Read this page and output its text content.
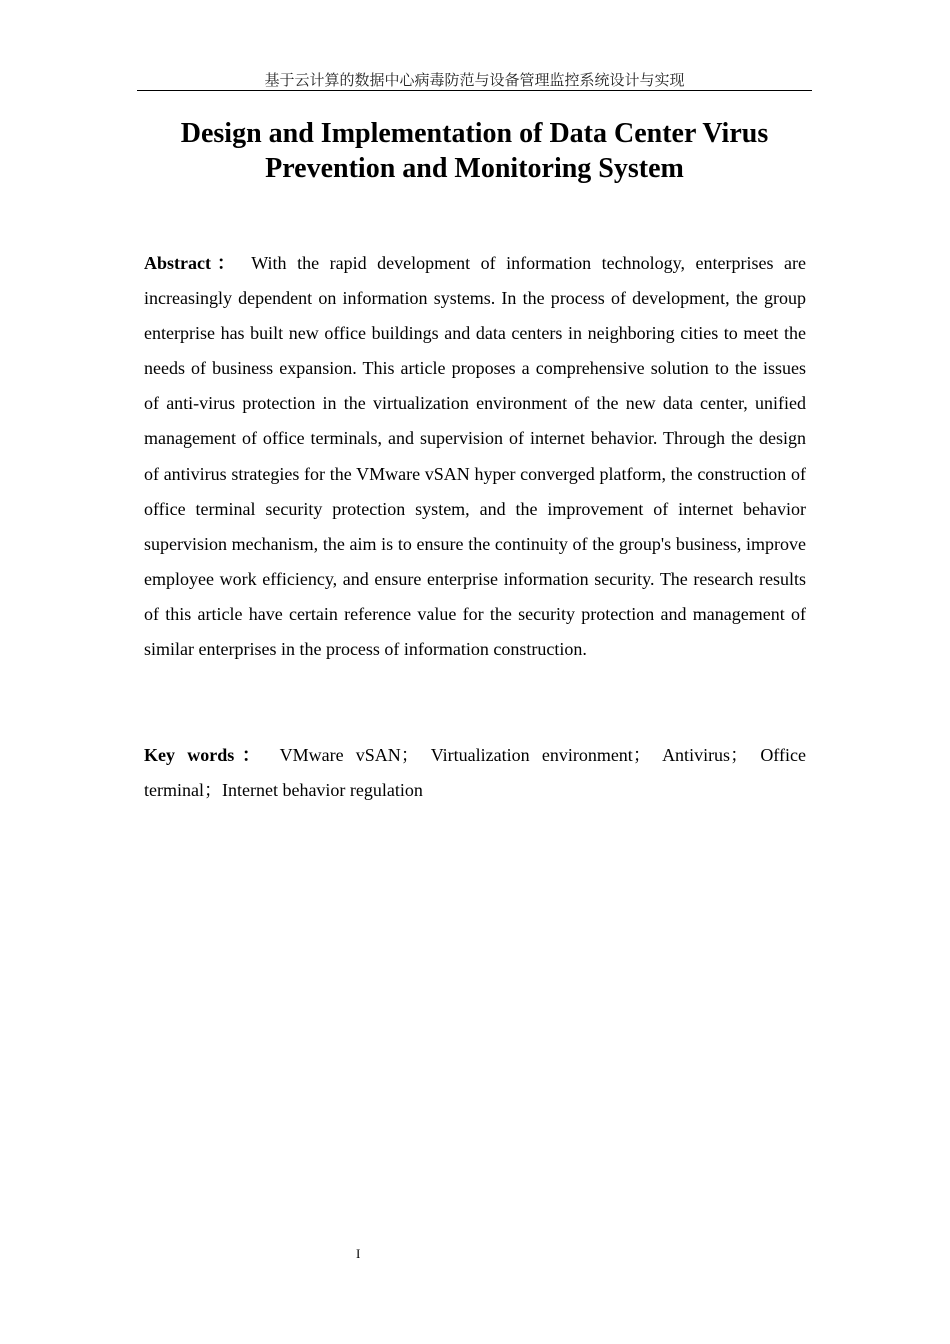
基于云计算的数据中心病毒防范与设备管理监控系统设计与实现
Design and Implementation of Data Center Virus
Prevention and Monitoring System

Abstract： With the rapid development of information technology, enterprises are increasingly dependent on information systems. In the process of development, the group enterprise has built new office buildings and data centers in neighboring cities to meet the needs of business expansion. This article proposes a comprehensive solution to the issues of anti-virus protection in the virtualization environment of the new data center, unified management of office terminals, and supervision of internet behavior. Through the design of antivirus strategies for the VMware vSAN hyper converged platform, the construction of office terminal security protection system, and the improvement of internet behavior supervision mechanism, the aim is to ensure the continuity of the group's business, improve employee work efficiency, and ensure enterprise information security. The research results of this article have certain reference value for the security protection and management of similar enterprises in the process of information construction.

Key words： VMware vSAN； Virtualization environment； Antivirus； Office terminal；Internet behavior regulation

I
